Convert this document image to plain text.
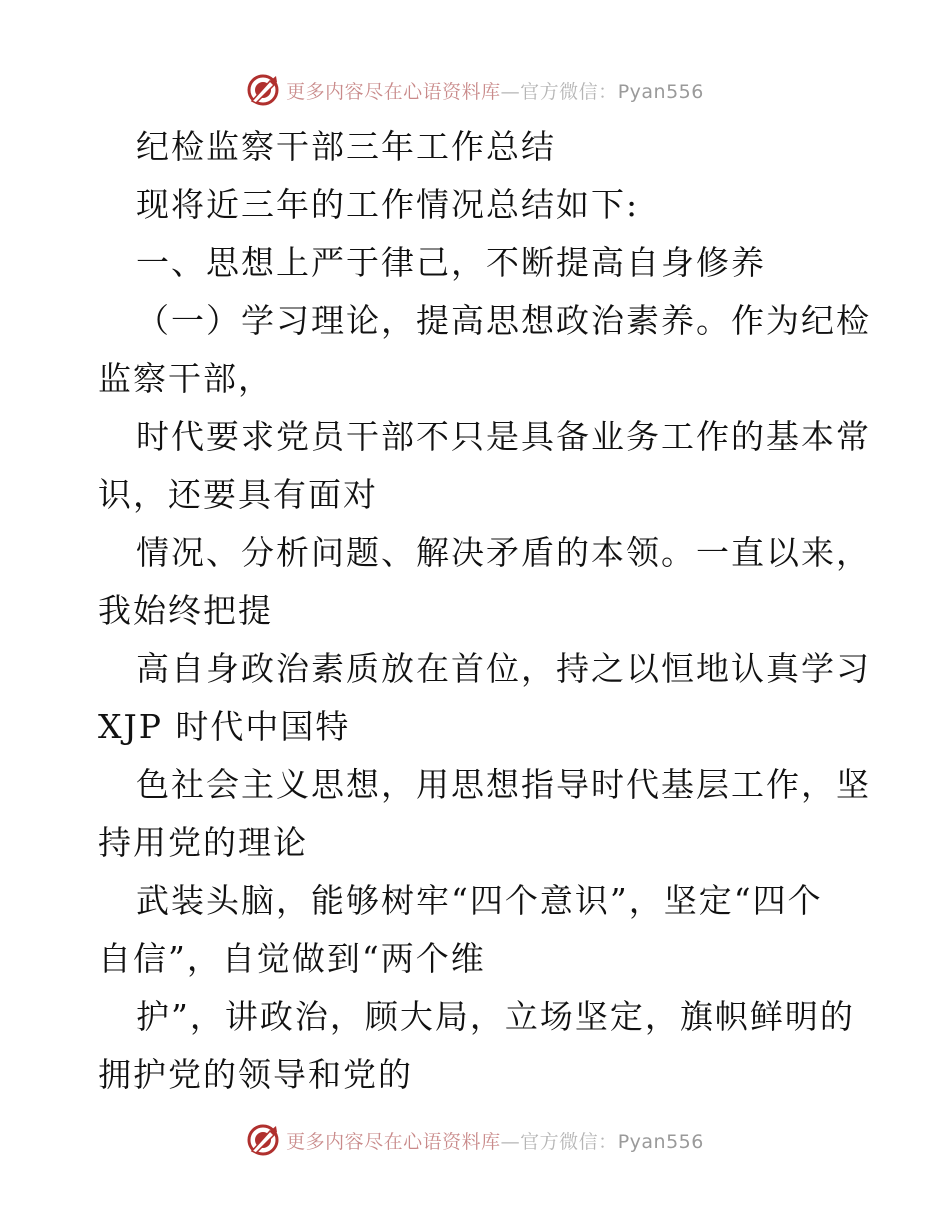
更多内容尽在心语资料库—官方微信：Pyan556
纪检监察干部三年工作总结
现将近三年的工作情况总结如下:
一、思想上严于律己，不断提高自身修养
（一）学习理论，提高思想政治素养。作为纪检
监察干部，
时代要求党员干部不只是具备业务工作的基本常
识，还要具有面对
情况、分析问题、解决矛盾的本领。一直以来，
我始终把提
高自身政治素质放在首位，持之以恒地认真学习
XJP 时代中国特
色社会主义思想，用思想指导时代基层工作，坚
持用党的理论
武装头脑，能够树牢“四个意识”，坚定“四个
自信”，自觉做到“两个维
护”，讲政治，顾大局，立场坚定，旗帜鲜明的
拥护党的领导和党的
更多内容尽在心语资料库—官方微信：Pyan556
